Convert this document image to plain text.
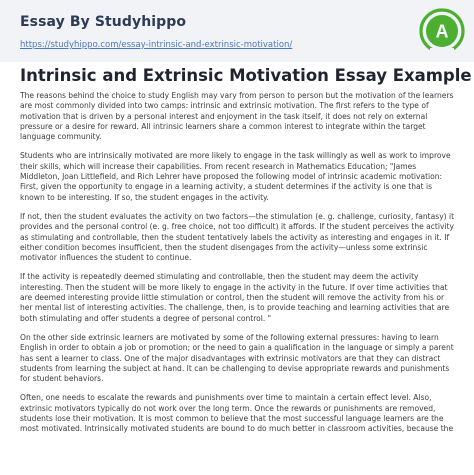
Essay By Studyhippo
https://studyhippo.com/essay-intrinsic-and-extrinsic-motivation/
A
Intrinsic and Extrinsic Motivation Essay Example

The reasons behind the choice to study English may vary from person to person but the motivation of the learners are most commonly divided into two camps: intrinsic and extrinsic motivation. The first refers to the type of motivation that is driven by a personal interest and enjoyment in the task itself, it does not rely on external pressure or a desire for reward. All intrinsic learners share a common interest to integrate within the target language community.

Students who are intrinsically motivated are more likely to engage in the task willingly as well as work to improve their skills, which will increase their capabilities. From recent research in Mathematics Education; "James Middleton, Joan Littlefield, and Rich Lehrer have proposed the following model of intrinsic academic motivation: First, given the opportunity to engage in a learning activity, a student determines if the activity is one that is known to be interesting. If so, the student engages in the activity.

If not, then the student evaluates the activity on two factors—the stimulation (e. g. challenge, curiosity, fantasy) it provides and the personal control (e. g. free choice, not too difficult) it affords. If the student perceives the activity as stimulating and controllable, then the student tentatively labels the activity as interesting and engages in it. If either condition becomes insufficient, then the student disengages from the activity—unless some extrinsic motivator influences the student to continue.

If the activity is repeatedly deemed stimulating and controllable, then the student may deem the activity interesting. Then the student will be more likely to engage in the activity in the future. If over time activities that are deemed interesting provide little stimulation or control, then the student will remove the activity from his or her mental list of interesting activities. The challenge, then, is to provide teaching and learning activities that are both stimulating and offer students a degree of personal control. "

On the other side extrinsic learners are motivated by some of the following external pressures: having to learn English in order to obtain a job or promotion; or the need to gain a qualification in the language or simply a parent has sent a learner to class. One of the major disadvantages with extrinsic motivators are that they can distract students from learning the subject at hand. It can be challenging to devise appropriate rewards and punishments for student behaviors.

Often, one needs to escalate the rewards and punishments over time to maintain a certain effect level. Also, extrinsic motivators typically do not work over the long term. Once the rewards or punishments are removed, students lose their motivation. It is most common to believe that the most successful language learners are the most motivated. Intrinsically motivated students are bound to do much better in classroom activities, because the
